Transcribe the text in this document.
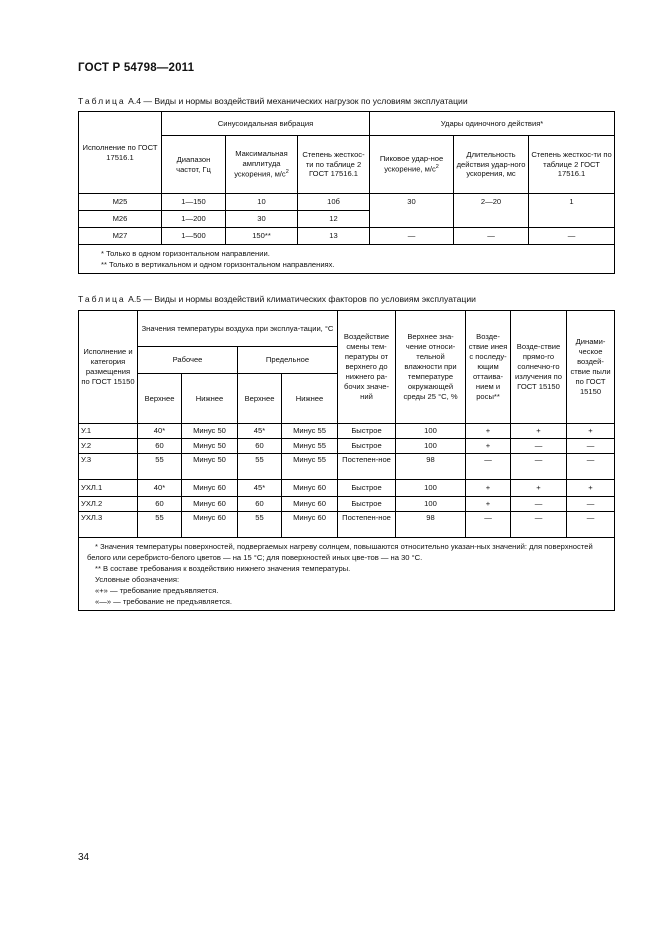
ГОСТ Р 54798—2011
Таблица А.4 — Виды и нормы воздействий механических нагрузок по условиям эксплуатации
Исполнение по ГОСТ 17516.1	Синусоидальная вибрация			Удары одиночного действия*		
	Диапазон частот, Гц	Максимальная амплитуда ускорения, $м/с^2$	Степень жесткос-ти по таблице 2 ГОСТ 17516.1	Пиковое удар-ное ускорение, $м/с^2$	Длительность действия удар-ного ускорения, мс	Степень жесткос-ти по таблице 2 ГОСТ 17516.1
М25	1—150	10	10б	30	2—20	1
М26	1—200	30	12			
М27	1—500	150**	13	—	—	—

* Только в одном горизонтальном направлении.

** Только в вертикальном и одном горизонтальном направлениях.						

Таблица А.5 — Виды и нормы воздействий климатических факторов по условиям эксплуатации
Исполнение и категория размещения по ГОСТ 15150	Значения температуры воздуха при эксплуа-тации, °С				Воздействие смены тем-пературы от верхнего до нижнего ра-бочих значе-ний	Верхнее зна-чение относи-тельной влажности при температуре окружающей среды 25 °С, %	Возде-ствие инея с последу-ющим оттаива-нием и росы**	Возде-ствие прямо-го солнечно-го излучения по ГОСТ 15150	Динами-ческое воздей-ствие пыли по ГОСТ 15150
	Рабочее		Предельное						
	Верхнее	Нижнее	Верхнее	Нижнее					
У.1	40*	Минус 50	45*	Минус 55	Быстрое	100	+	+	+
У.2	60	Минус 50	60	Минус 55	Быстрое	100	+	—	—
У.3	55	Минус 50	55	Минус 55	Постепен-ное	98	—	—	—
УХЛ.1	40*	Минус 60	45*	Минус 60	Быстрое	100	+	+	+
УХЛ.2	60	Минус 60	60	Минус 60	Быстрое	100	+	—	—
УХЛ.3	55	Минус 60	55	Минус 60	Постепен-ное	98	—	—	—

* Значения температуры поверхностей, подвергаемых нагреву солнцем, повышаются относительно указан-ных значений: для поверхностей белого или серебристо-белого цветов — на 15 °С; для поверхностей иных цве-тов — на 30 °С.

** В составе требования к воздействию нижнего значения температуры.

Условные обозначения:

«+» — требование предъявляется.

«—» — требование не предъявляется.									

34
